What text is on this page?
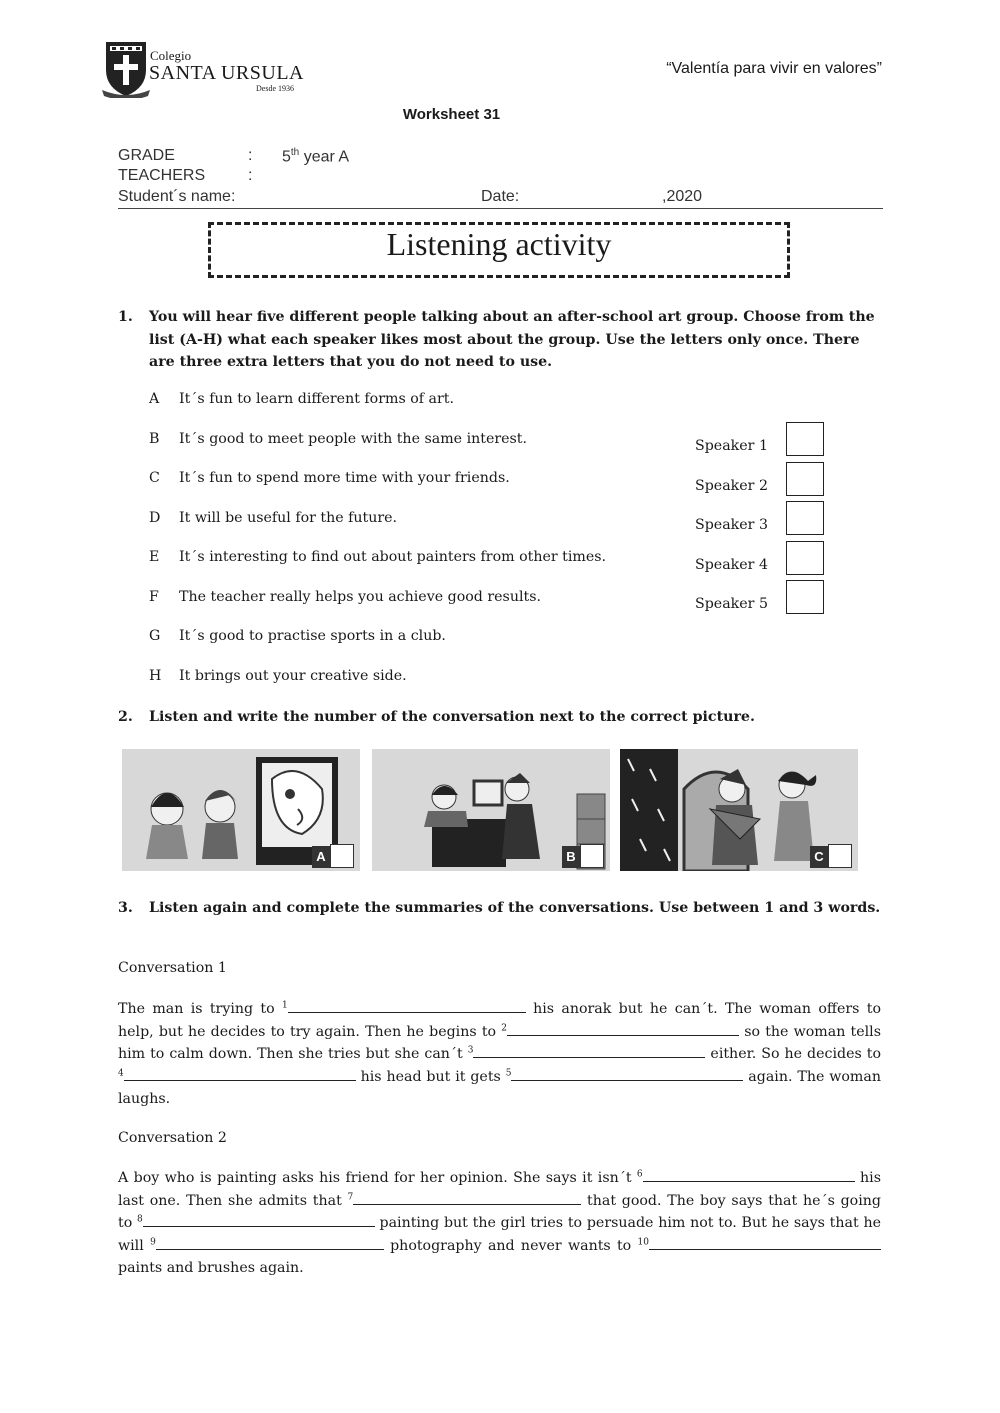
Colegio
SANTA URSULA
Desde 1936
“Valentía para vivir en valores”
Worksheet 31
GRADE	: 5th year A
TEACHERS	:
Student´s name:	Date:	,2020
Listening activity
1. You will hear five different people talking about an after-school art group. Choose from the list (A-H) what each speaker likes most about the group. Use the letters only once. There are three extra letters that you do not need to use.
A It´s fun to learn different forms of art.
B It´s good to meet people with the same interest.
C It´s fun to spend more time with your friends.
D It will be useful for the future.
E It´s interesting to find out about painters from other times.
F The teacher really helps you achieve good results.
G It´s good to practise sports in a club.
H It brings out your creative side.
Speaker 1
Speaker 2
Speaker 3
Speaker 4
Speaker 5
2. Listen and write the number of the conversation next to the correct picture.
A	B	C
3. Listen again and complete the summaries of the conversations. Use between 1 and 3 words.
Conversation 1
The man is trying to $^1$	his anorak but he can´t. The woman offers to help, but he decides to try again. Then he begins to $^2$	so the woman tells him to calm down. Then she tries but she can´t $^3$	either. So he decides to $^4$	his head but it gets $^5$	again. The woman laughs.
Conversation 2
A boy who is painting asks his friend for her opinion. She says it isn´t $^6$	his last one. Then she admits that $^7$	that good. The boy says that he´s going to $^8$	painting but the girl tries to persuade him not to. But he says that he will $^9$	photography and never wants to $^{10}$ paints and brushes again.
